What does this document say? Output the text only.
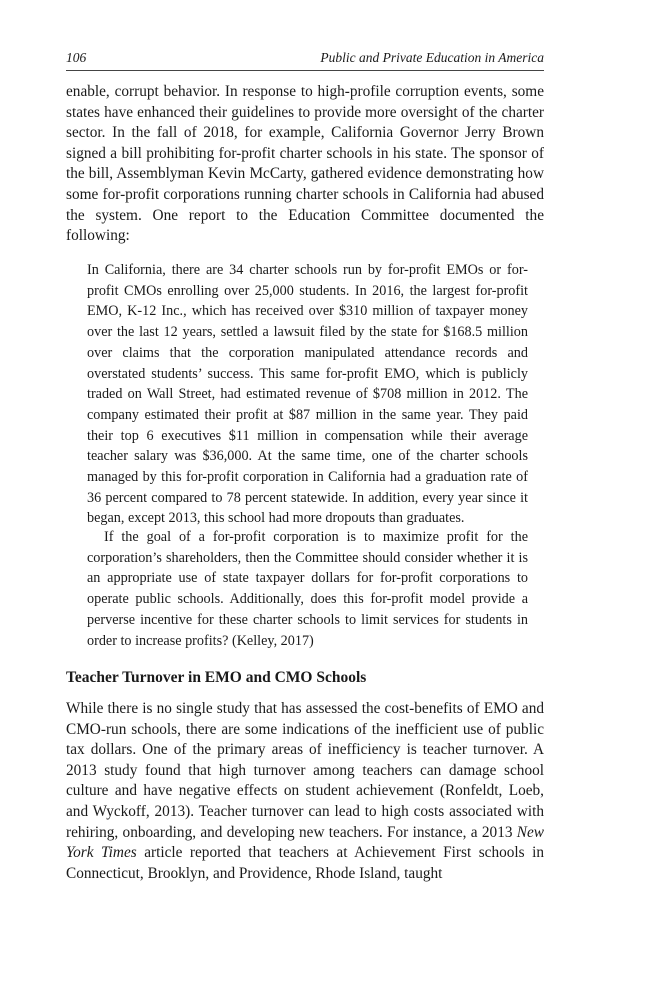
106	Public and Private Education in America

enable, corrupt behavior. In response to high-profile corruption events, some states have enhanced their guidelines to provide more oversight of the charter sector. In the fall of 2018, for example, California Governor Jerry Brown signed a bill prohibiting for-profit charter schools in his state. The sponsor of the bill, Assemblyman Kevin McCarty, gathered evidence demonstrating how some for-profit corporations running charter schools in California had abused the system. One report to the Education Committee documented the following:

In California, there are 34 charter schools run by for-profit EMOs or for-profit CMOs enrolling over 25,000 students. In 2016, the largest for-profit EMO, K-12 Inc., which has received over $310 million of taxpayer money over the last 12 years, settled a lawsuit filed by the state for $168.5 million over claims that the corporation manipulated attendance records and overstated students’ success. This same for-profit EMO, which is publicly traded on Wall Street, had estimated revenue of $708 million in 2012. The company estimated their profit at $87 million in the same year. They paid their top 6 executives $11 million in compensation while their average teacher salary was $36,000. At the same time, one of the charter schools managed by this for-profit corporation in California had a graduation rate of 36 percent compared to 78 percent statewide. In addition, every year since it began, except 2013, this school had more dropouts than graduates.

If the goal of a for-profit corporation is to maximize profit for the corporation’s shareholders, then the Committee should consider whether it is an appropriate use of state taxpayer dollars for for-profit corporations to operate public schools. Additionally, does this for-profit model provide a perverse incentive for these charter schools to limit services for students in order to increase profits? (Kelley, 2017)

Teacher Turnover in EMO and CMO Schools

While there is no single study that has assessed the cost-benefits of EMO and CMO-run schools, there are some indications of the inefficient use of public tax dollars. One of the primary areas of inefficiency is teacher turnover. A 2013 study found that high turnover among teachers can damage school culture and have negative effects on student achievement (Ronfeldt, Loeb, and Wyckoff, 2013). Teacher turnover can lead to high costs associated with rehiring, onboarding, and developing new teachers. For instance, a 2013 New York Times article reported that teachers at Achievement First schools in Connecticut, Brooklyn, and Providence, Rhode Island, taught
